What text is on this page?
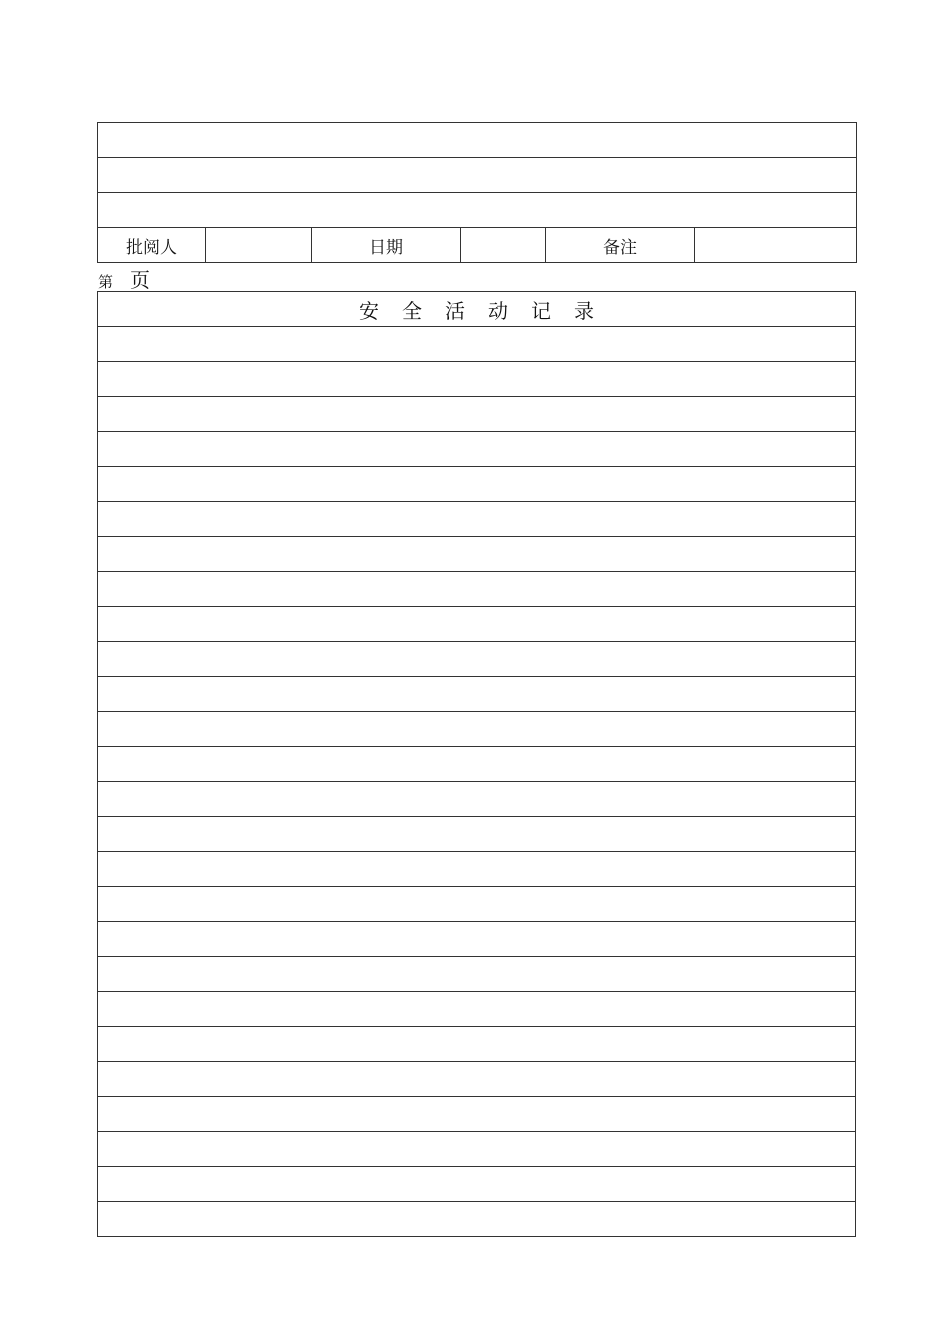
批阅人		日期		备注	
第 页
安全活动记录
